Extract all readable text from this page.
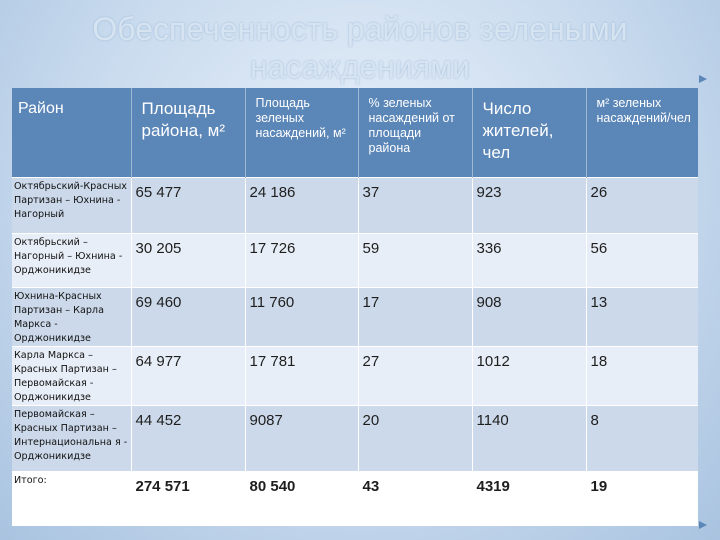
Обеспеченность районов зелеными
насаждениями
Район	Площадь района, м²	Площадь зеленых насаждений, м²	% зеленых насаждений от площади района	Число жителей, чел	м² зеленых насаждений/чел

Октябрьский-Красных Партизан – Юхнина - Нагорный	65 477	24 186	37	923	26

Октябрьский – Нагорный – Юхнина - Орджоникидзе	30 205	17 726	59	336	56

Юхнина-Красных Партизан – Карла Маркса - Орджоникидзе	69 460	11 760	17	908	13

Карла Маркса – Красных Партизан – Первомайская - Орджоникидзе	64 977	17 781	27	1012	18

Первомайская – Красных Партизан – Интернациональна я - Орджоникидзе	44 452	9087	20	1140	8

Итого:	274 571	80 540	43	4319	19
